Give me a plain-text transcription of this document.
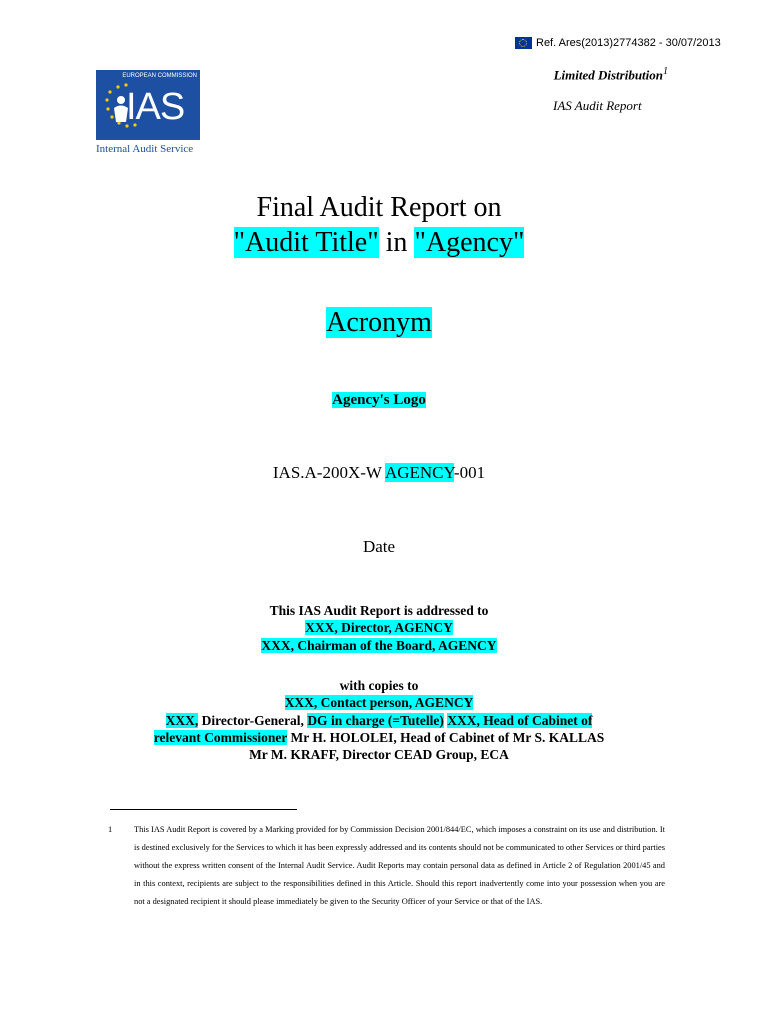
Ref. Ares(2013)2774382 - 30/07/2013
Limited Distribution$^1$
IAS Audit Report
EUROPEAN COMMISSION
IAS
Internal Audit Service
Final Audit Report on
"Audit Title" in "Agency"
Acronym
Agency's Logo
IAS.A-200X-W AGENCY-001
Date
This IAS Audit Report is addressed to
XXX, Director, AGENCY
XXX, Chairman of the Board, AGENCY
with copies to
XXX, Contact person, AGENCY
XXX, Director-General, DG in charge (=Tutelle) XXX, Head of Cabinet of
relevant Commissioner Mr H. HOLOLEI, Head of Cabinet of Mr S. KALLAS
Mr M. KRAFF, Director CEAD Group, ECA
1	This IAS Audit Report is covered by a Marking provided for by Commission Decision 2001/844/EC, which imposes a constraint on its use and distribution. It is destined exclusively for the Services to which it has been expressly addressed and its contents should not be communicated to other Services or third parties without the express written consent of the Internal Audit Service. Audit Reports may contain personal data as defined in Article 2 of Regulation 2001/45 and in this context, recipients are subject to the responsibilities defined in this Article. Should this report inadvertently come into your possession when you are not a designated recipient it should please immediately be given to the Security Officer of your Service or that of the IAS.
